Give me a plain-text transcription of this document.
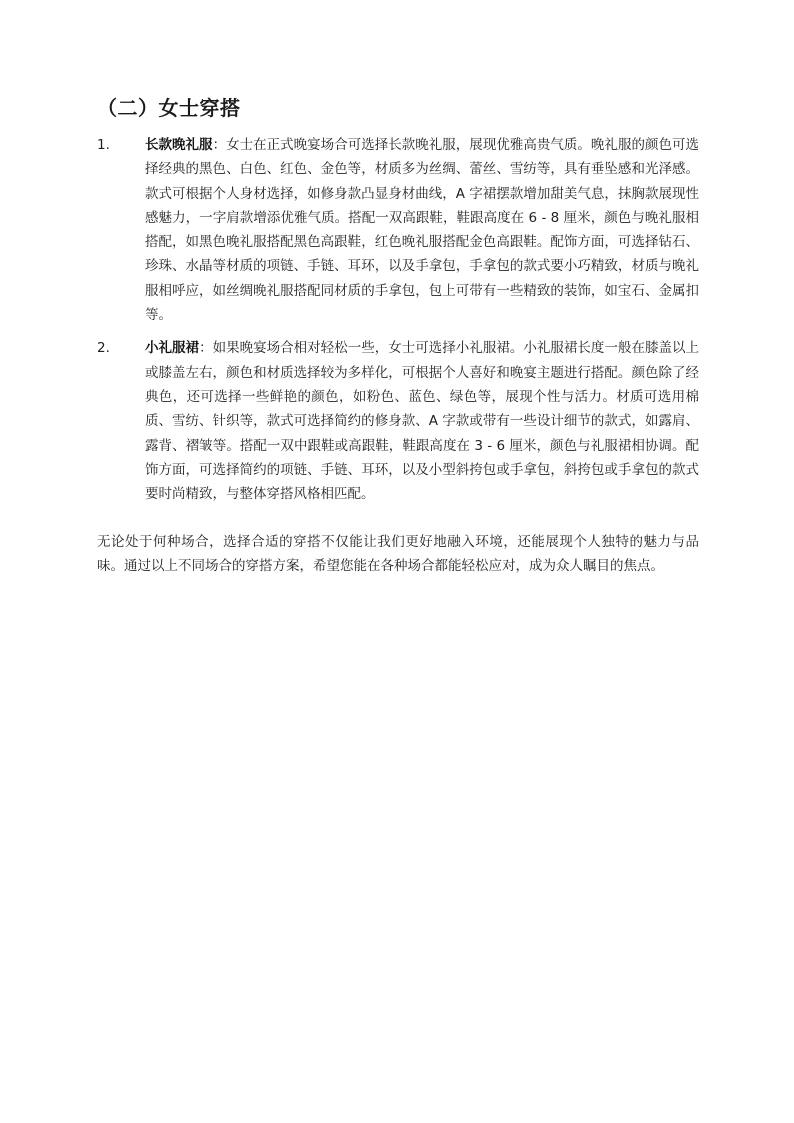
（二）女士穿搭
1.	长款晚礼服：女士在正式晚宴场合可选择长款晚礼服，展现优雅高贵气质。晚礼服的颜色可选择经典的黑色、白色、红色、金色等，材质多为丝绸、蕾丝、雪纺等，具有垂坠感和光泽感。款式可根据个人身材选择，如修身款凸显身材曲线，A 字裙摆款增加甜美气息，抹胸款展现性感魅力，一字肩款增添优雅气质。搭配一双高跟鞋，鞋跟高度在 6 - 8 厘米，颜色与晚礼服相搭配，如黑色晚礼服搭配黑色高跟鞋，红色晚礼服搭配金色高跟鞋。配饰方面，可选择钻石、珍珠、水晶等材质的项链、手链、耳环，以及手拿包，手拿包的款式要小巧精致，材质与晚礼服相呼应，如丝绸晚礼服搭配同材质的手拿包，包上可带有一些精致的装饰，如宝石、金属扣等。
2.	小礼服裙：如果晚宴场合相对轻松一些，女士可选择小礼服裙。小礼服裙长度一般在膝盖以上或膝盖左右，颜色和材质选择较为多样化，可根据个人喜好和晚宴主题进行搭配。颜色除了经典色，还可选择一些鲜艳的颜色，如粉色、蓝色、绿色等，展现个性与活力。材质可选用棉质、雪纺、针织等，款式可选择简约的修身款、A 字款或带有一些设计细节的款式，如露肩、露背、褶皱等。搭配一双中跟鞋或高跟鞋，鞋跟高度在 3 - 6 厘米，颜色与礼服裙相协调。配饰方面，可选择简约的项链、手链、耳环，以及小型斜挎包或手拿包，斜挎包或手拿包的款式要时尚精致，与整体穿搭风格相匹配。

无论处于何种场合，选择合适的穿搭不仅能让我们更好地融入环境，还能展现个人独特的魅力与品味。通过以上不同场合的穿搭方案，希望您能在各种场合都能轻松应对，成为众人瞩目的焦点。
